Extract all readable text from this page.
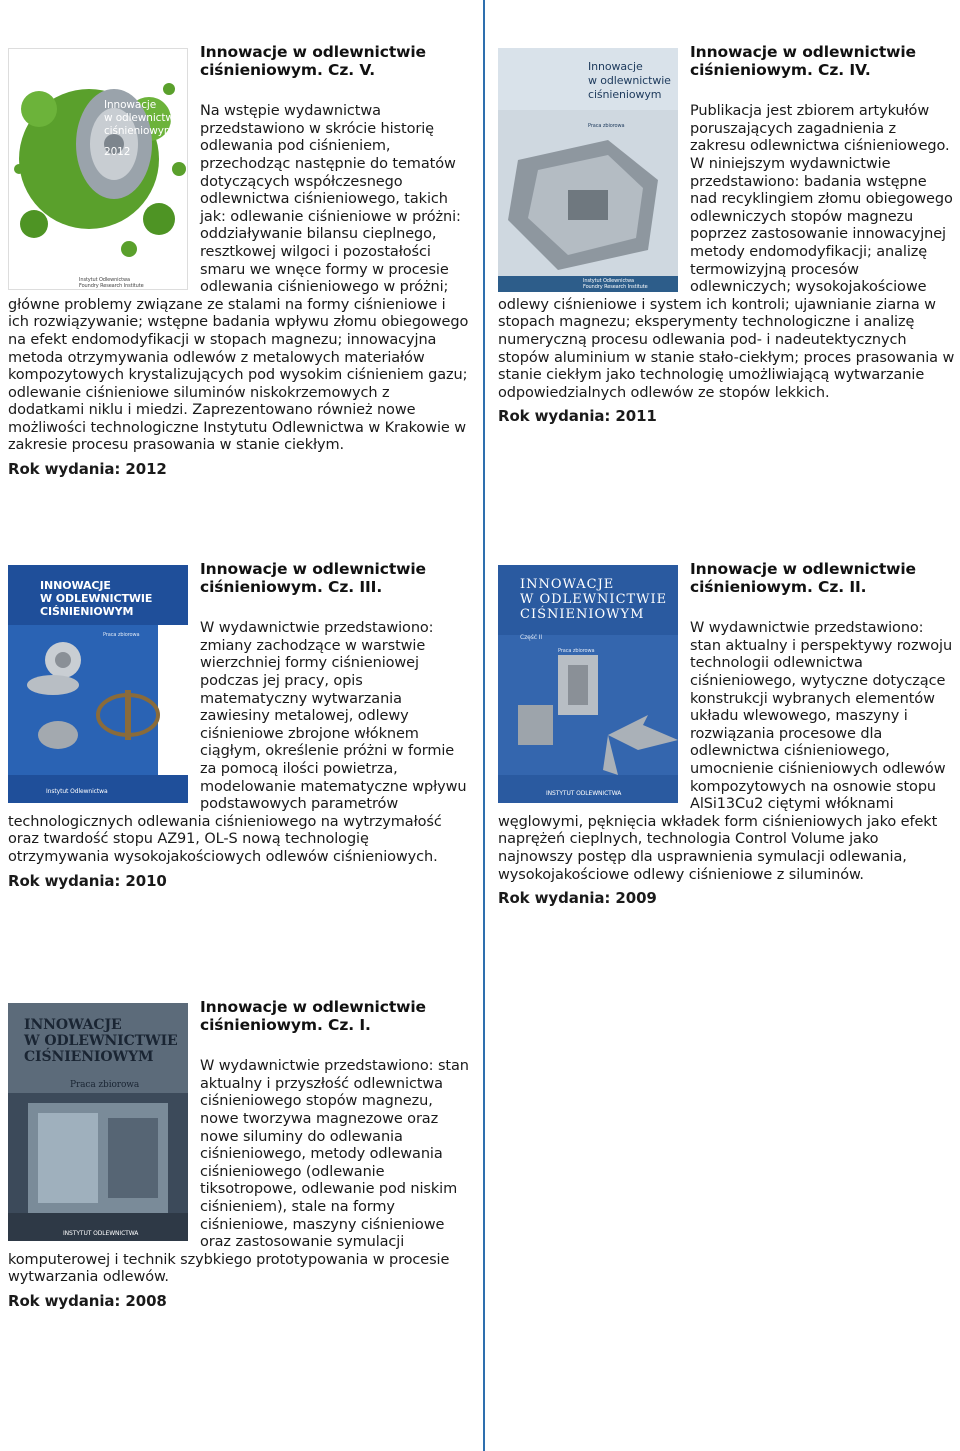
Innowacje
w odlewnictwie
ciśnieniowym
2012
Instytut Odlewnictwa
Foundry Research Institute
Innowacje w odlewnictwie ciśnieniowym. Cz. V.

Na wstępie wydawnictwa przedstawiono w skrócie historię odlewania pod ciśnieniem, przechodząc następnie do tematów dotyczących współczesnego odlewnictwa ciśnieniowego, takich jak: odlewanie ciśnieniowe w próżni: oddziaływanie bilansu cieplnego, resztkowej wilgoci i pozostałości smaru we wnęce formy w procesie odlewania ciśnieniowego w próżni; główne problemy związane ze stalami na formy ciśnieniowe i ich rozwiązywanie; wstępne badania wpływu złomu obiegowego na efekt endomodyfikacji w stopach magnezu; innowacyjna metoda otrzymywania odlewów z metalowych materiałów kompozytowych krystalizujących pod wysokim ciśnieniem gazu; odlewanie ciśnieniowe siluminów niskokrzemowych z dodatkami niklu i miedzi. Zaprezentowano również nowe możliwości technologiczne Instytutu Odlewnictwa w Krakowie w zakresie procesu prasowania w stanie ciekłym.

Rok wydania: 2012
Innowacje
w odlewnictwie
ciśnieniowym
Praca zbiorowa
Instytut Odlewnictwa
Foundry Research Institute
Innowacje w odlewnictwie ciśnieniowym. Cz. IV.

Publikacja jest zbiorem artykułów poruszających zagadnienia z zakresu odlewnictwa ciśnieniowego. W niniejszym wydawnictwie przedstawiono: badania wstępne nad recyklingiem złomu obiegowego odlewniczych stopów magnezu poprzez zastosowanie innowacyjnej metody endomodyfikacji; analizę termowizyjną procesów odlewniczych; wysokojakościowe odlewy ciśnieniowe i system ich kontroli; ujawnianie ziarna w stopach magnezu; eksperymenty technologiczne i analizę numeryczną procesu odlewania pod- i nadeutektycznych stopów aluminium w stanie stało-ciekłym; proces prasowania w stanie ciekłym jako technologię umożliwiającą wytwarzanie odpowiedzialnych odlewów ze stopów lekkich.

Rok wydania: 2011
INNOWACJE
W ODLEWNICTWIE
CIŚNIENIOWYM
Praca zbiorowa
Instytut Odlewnictwa
Innowacje w odlewnictwie ciśnieniowym. Cz. III.

W wydawnictwie przedstawiono: zmiany zachodzące w warstwie wierzchniej formy ciśnieniowej podczas jej pracy, opis matematyczny wytwarzania zawiesiny metalowej, odlewy ciśnieniowe zbrojone włóknem ciągłym, określenie próżni w formie za pomocą ilości powietrza, modelowanie matematyczne wpływu podstawowych parametrów technologicznych odlewania ciśnieniowego na wytrzymałość oraz twardość stopu AZ91, OL-S nową technologię otrzymywania wysokojakościowych odlewów ciśnieniowych.

Rok wydania: 2010
INNOWACJE
W ODLEWNICTWIE
CIŚNIENIOWYM
Część II
Praca zbiorowa
INSTYTUT ODLEWNICTWA
Innowacje w odlewnictwie ciśnieniowym. Cz. II.

W wydawnictwie przedstawiono: stan aktualny i perspektywy rozwoju technologii odlewnictwa ciśnieniowego, wytyczne dotyczące konstrukcji wybranych elementów układu wlewowego, maszyny i rozwiązania procesowe dla odlewnictwa ciśnieniowego, umocnienie ciśnieniowych odlewów kompozytowych na osnowie stopu AlSi13Cu2 ciętymi włóknami węglowymi, pęknięcia wkładek form ciśnieniowych jako efekt naprężeń cieplnych, technologia Control Volume jako najnowszy postęp dla usprawnienia symulacji odlewania, wysokojakościowe odlewy ciśnieniowe z siluminów.

Rok wydania: 2009
INNOWACJE
W ODLEWNICTWIE
CIŚNIENIOWYM
Praca zbiorowa
INSTYTUT ODLEWNICTWA
Innowacje w odlewnictwie ciśnieniowym. Cz. I.

W wydawnictwie przedstawiono: stan aktualny i przyszłość odlewnictwa ciśnieniowego stopów magnezu, nowe tworzywa magnezowe oraz nowe siluminy do odlewania ciśnieniowego, metody odlewania ciśnieniowego (odlewanie tiksotropowe, odlewanie pod niskim ciśnieniem), stale na formy ciśnieniowe, maszyny ciśnieniowe oraz zastosowanie symulacji komputerowej i technik szybkiego prototypowania w procesie wytwarzania odlewów.

Rok wydania: 2008
